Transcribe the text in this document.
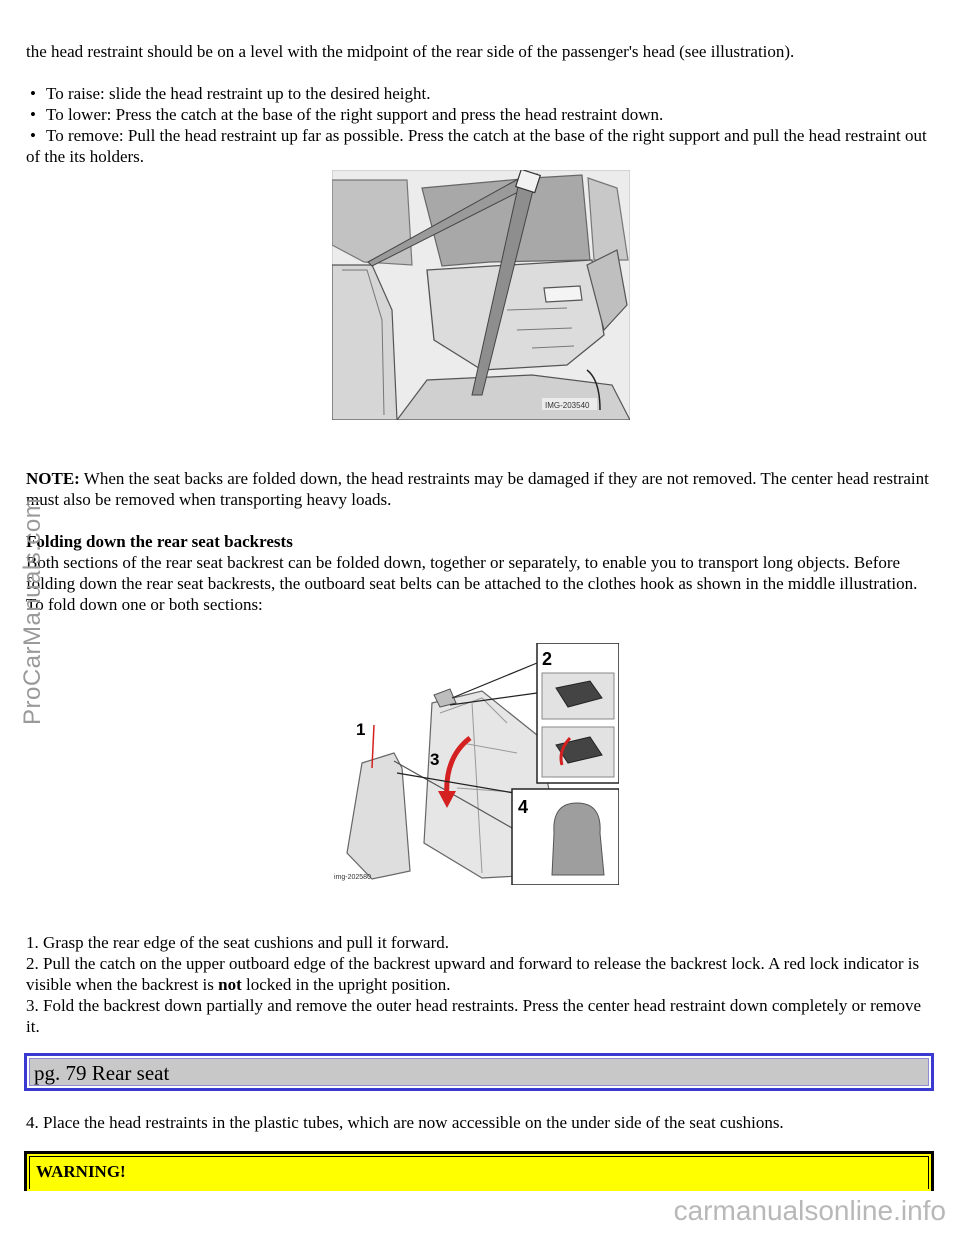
the head restraint should be on a level with the midpoint of the rear side of the passenger's head (see illustration).

• To raise: slide the head restraint up to the desired height.
• To lower: Press the catch at the base of the right support and press the head restraint down.
• To remove: Pull the head restraint up far as possible. Press the catch at the base of the right support and pull the head restraint out of the its holders.
IMG-203540

NOTE: When the seat backs are folded down, the head restraints may be damaged if they are not removed. The center head restraint must also be removed when transporting heavy loads.

Folding down the rear seat backrests

Both sections of the rear seat backrest can be folded down, together or separately, to enable you to transport long objects. Before folding down the rear seat backrests, the outboard seat belts can be attached to the clothes hook as shown in the middle illustration. To fold down one or both sections:

1
3
2
4
img-202580

1. Grasp the rear edge of the seat cushions and pull it forward.

2. Pull the catch on the upper outboard edge of the backrest upward and forward to release the backrest lock. A red lock indicator is visible when the backrest is not locked in the upright position.

3. Fold the backrest down partially and remove the outer head restraints. Press the center head restraint down completely or remove it.

pg. 79 Rear seat

4. Place the head restraints in the plastic tubes, which are now accessible on the under side of the seat cushions.

WARNING!
ProCarManuals.com
carmanualsonline.info
